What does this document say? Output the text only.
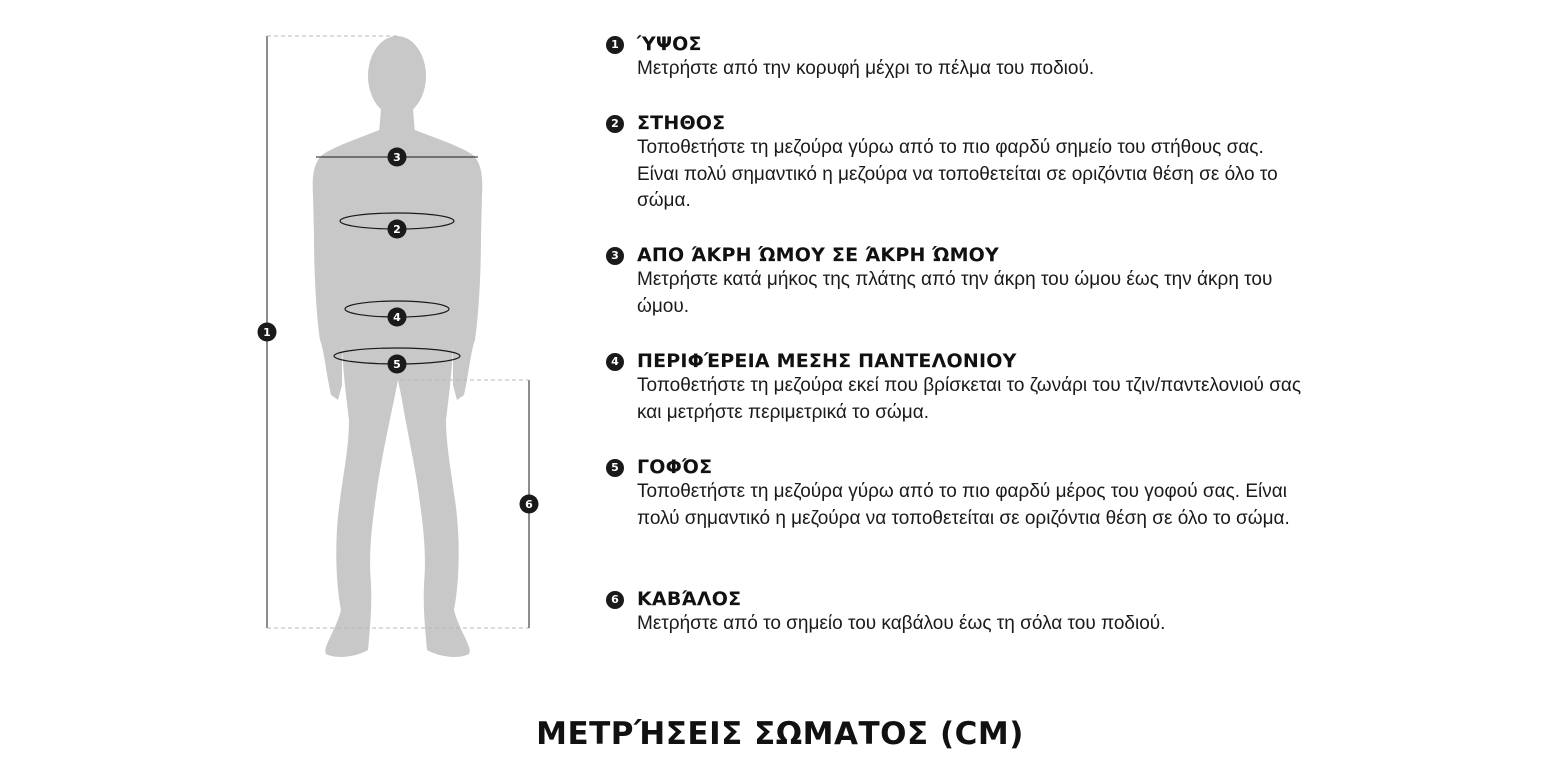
1
2
3
4
5
6
1 ΎΨΟΣ
Μετρήστε από την κορυφή μέχρι το πέλμα του ποδιού.
2 ΣΤΗΘΟΣ
Τοποθετήστε τη μεζούρα γύρω από το πιο φαρδύ σημείο του στήθους σας. Είναι πολύ σημαντικό η μεζούρα να τοποθετείται σε οριζόντια θέση σε όλο το σώμα.
3 ΑΠΟ ΆΚΡΗ ΏΜΟΥ ΣΕ ΆΚΡΗ ΏΜΟΥ
Μετρήστε κατά μήκος της πλάτης από την άκρη του ώμου έως την άκρη του ώμου.
4 ΠΕΡΙΦΈΡΕΙΑ ΜΕΣΗΣ ΠΑΝΤΕΛΟΝΙΟΥ
Τοποθετήστε τη μεζούρα εκεί που βρίσκεται το ζωνάρι του τζιν/παντελονιού σας και μετρήστε περιμετρικά το σώμα.
5 ΓΟΦΌΣ
Τοποθετήστε τη μεζούρα γύρω από το πιο φαρδύ μέρος του γοφού σας. Είναι πολύ σημαντικό η μεζούρα να τοποθετείται σε οριζόντια θέση σε όλο το σώμα.
6 ΚΑΒΆΛΟΣ
Μετρήστε από το σημείο του καβάλου έως τη σόλα του ποδιού.
ΜΕΤΡΉΣΕΙΣ ΣΩΜΑΤΟΣ (CM)
